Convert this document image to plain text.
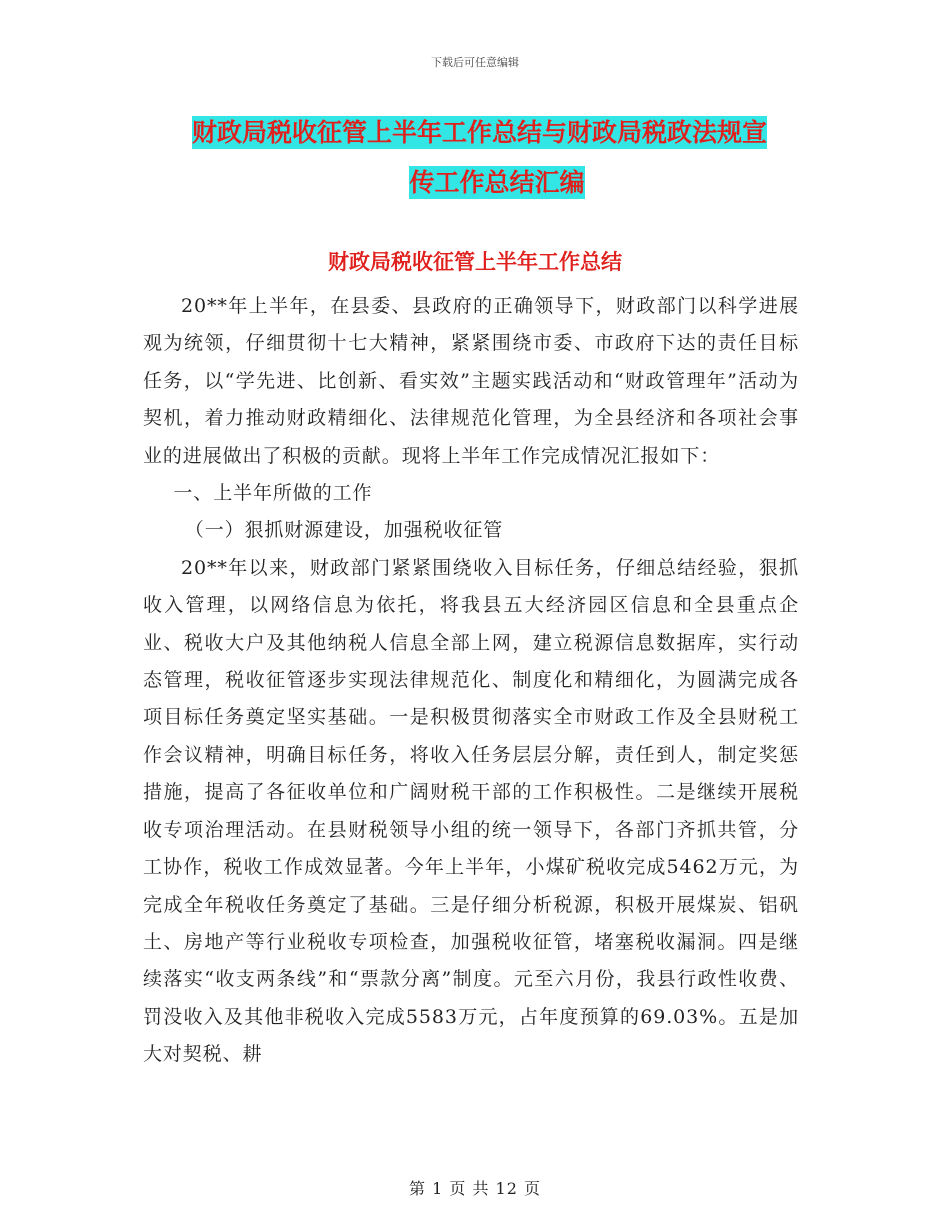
下载后可任意编辑
财政局税收征管上半年工作总结与财政局税政法规宣
传工作总结汇编
财政局税收征管上半年工作总结

20**年上半年，在县委、县政府的正确领导下，财政部门以科学进展观为统领，仔细贯彻十七大精神，紧紧围绕市委、市政府下达的责任目标任务，以“学先进、比创新、看实效”主题实践活动和“财政管理年”活动为契机，着力推动财政精细化、法律规范化管理，为全县经济和各项社会事业的进展做出了积极的贡献。现将上半年工作完成情况汇报如下：

一、上半年所做的工作

（一）狠抓财源建设，加强税收征管

20**年以来，财政部门紧紧围绕收入目标任务，仔细总结经验，狠抓收入管理，以网络信息为依托，将我县五大经济园区信息和全县重点企业、税收大户及其他纳税人信息全部上网，建立税源信息数据库，实行动态管理，税收征管逐步实现法律规范化、制度化和精细化，为圆满完成各项目标任务奠定坚实基础。一是积极贯彻落实全市财政工作及全县财税工作会议精神，明确目标任务，将收入任务层层分解，责任到人，制定奖惩措施，提高了各征收单位和广阔财税干部的工作积极性。二是继续开展税收专项治理活动。在县财税领导小组的统一领导下，各部门齐抓共管，分工协作，税收工作成效显著。今年上半年，小煤矿税收完成5462万元，为完成全年税收任务奠定了基础。三是仔细分析税源，积极开展煤炭、铝矾土、房地产等行业税收专项检查，加强税收征管，堵塞税收漏洞。四是继续落实“收支两条线”和“票款分离”制度。元至六月份，我县行政性收费、罚没收入及其他非税收入完成5583万元，占年度预算的69.03%。五是加大对契税、耕

第 1 页 共 12 页
